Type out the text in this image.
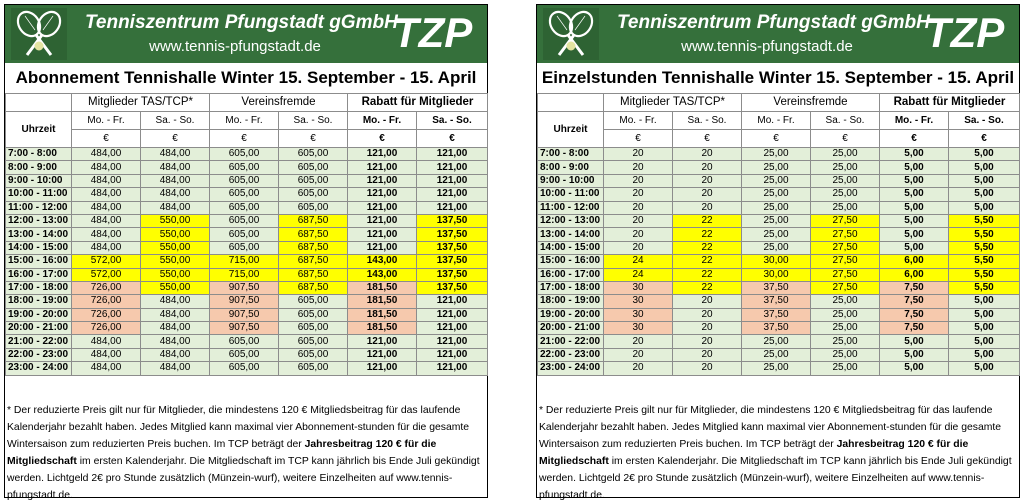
Tenniszentrum Pfungstadt gGmbH
www.tennis-pfungstadt.de	TZP
Abonnement Tennishalle Winter 15. September - 15. April
	Mitglieder TAS/TCP*		Vereinsfremde		Rabatt für Mitglieder	
Uhrzeit	Mo. - Fr.	Sa. - So.	Mo. - Fr.	Sa. - So.	Mo. - Fr.	Sa. - So.
	€	€	€	€	€	€
7:00 - 8:00	484,00	484,00	605,00	605,00	121,00	121,00
8:00 - 9:00	484,00	484,00	605,00	605,00	121,00	121,00
9:00 - 10:00	484,00	484,00	605,00	605,00	121,00	121,00
10:00 - 11:00	484,00	484,00	605,00	605,00	121,00	121,00
11:00 - 12:00	484,00	484,00	605,00	605,00	121,00	121,00
12:00 - 13:00	484,00	550,00	605,00	687,50	121,00	137,50
13:00 - 14:00	484,00	550,00	605,00	687,50	121,00	137,50
14:00 - 15:00	484,00	550,00	605,00	687,50	121,00	137,50
15:00 - 16:00	572,00	550,00	715,00	687,50	143,00	137,50
16:00 - 17:00	572,00	550,00	715,00	687,50	143,00	137,50
17:00 - 18:00	726,00	550,00	907,50	687,50	181,50	137,50
18:00 - 19:00	726,00	484,00	907,50	605,00	181,50	121,00
19:00 - 20:00	726,00	484,00	907,50	605,00	181,50	121,00
20:00 - 21:00	726,00	484,00	907,50	605,00	181,50	121,00
21:00 - 22:00	484,00	484,00	605,00	605,00	121,00	121,00
22:00 - 23:00	484,00	484,00	605,00	605,00	121,00	121,00
23:00 - 24:00	484,00	484,00	605,00	605,00	121,00	121,00

* Der reduzierte Preis gilt nur für Mitglieder, die mindestens 120 € Mitgliedsbeitrag für das laufende Kalenderjahr bezahlt haben. Jedes Mitglied kann maximal vier Abonnement-stunden für die gesamte Wintersaison zum reduzierten Preis buchen. Im TCP beträgt der Jahresbeitrag 120 € für die Mitgliedschaft im ersten Kalenderjahr. Die Mitgliedschaft im TCP kann jährlich bis Ende Juli gekündigt werden. Lichtgeld 2€ pro Stunde zusätzlich (Münzein-wurf), weitere Einzelheiten auf www.tennis-pfungstadt.de.

Tenniszentrum Pfungstadt gGmbH
www.tennis-pfungstadt.de	TZP
Einzelstunden Tennishalle Winter 15. September - 15. April
	Mitglieder TAS/TCP*		Vereinsfremde		Rabatt für Mitglieder	
Uhrzeit	Mo. - Fr.	Sa. - So.	Mo. - Fr.	Sa. - So.	Mo. - Fr.	Sa. - So.
	€	€	€	€	€	€
7:00 - 8:00	20	20	25,00	25,00	5,00	5,00
8:00 - 9:00	20	20	25,00	25,00	5,00	5,00
9:00 - 10:00	20	20	25,00	25,00	5,00	5,00
10:00 - 11:00	20	20	25,00	25,00	5,00	5,00
11:00 - 12:00	20	20	25,00	25,00	5,00	5,00
12:00 - 13:00	20	22	25,00	27,50	5,00	5,50
13:00 - 14:00	20	22	25,00	27,50	5,00	5,50
14:00 - 15:00	20	22	25,00	27,50	5,00	5,50
15:00 - 16:00	24	22	30,00	27,50	6,00	5,50
16:00 - 17:00	24	22	30,00	27,50	6,00	5,50
17:00 - 18:00	30	22	37,50	27,50	7,50	5,50
18:00 - 19:00	30	20	37,50	25,00	7,50	5,00
19:00 - 20:00	30	20	37,50	25,00	7,50	5,00
20:00 - 21:00	30	20	37,50	25,00	7,50	5,00
21:00 - 22:00	20	20	25,00	25,00	5,00	5,00
22:00 - 23:00	20	20	25,00	25,00	5,00	5,00
23:00 - 24:00	20	20	25,00	25,00	5,00	5,00

* Der reduzierte Preis gilt nur für Mitglieder, die mindestens 120 € Mitgliedsbeitrag für das laufende Kalenderjahr bezahlt haben. Jedes Mitglied kann maximal vier Abonnement-stunden für die gesamte Wintersaison zum reduzierten Preis buchen. Im TCP beträgt der Jahresbeitrag 120 € für die Mitgliedschaft im ersten Kalenderjahr. Die Mitgliedschaft im TCP kann jährlich bis Ende Juli gekündigt werden. Lichtgeld 2€ pro Stunde zusätzlich (Münzein-wurf), weitere Einzelheiten auf www.tennis-pfungstadt.de.
